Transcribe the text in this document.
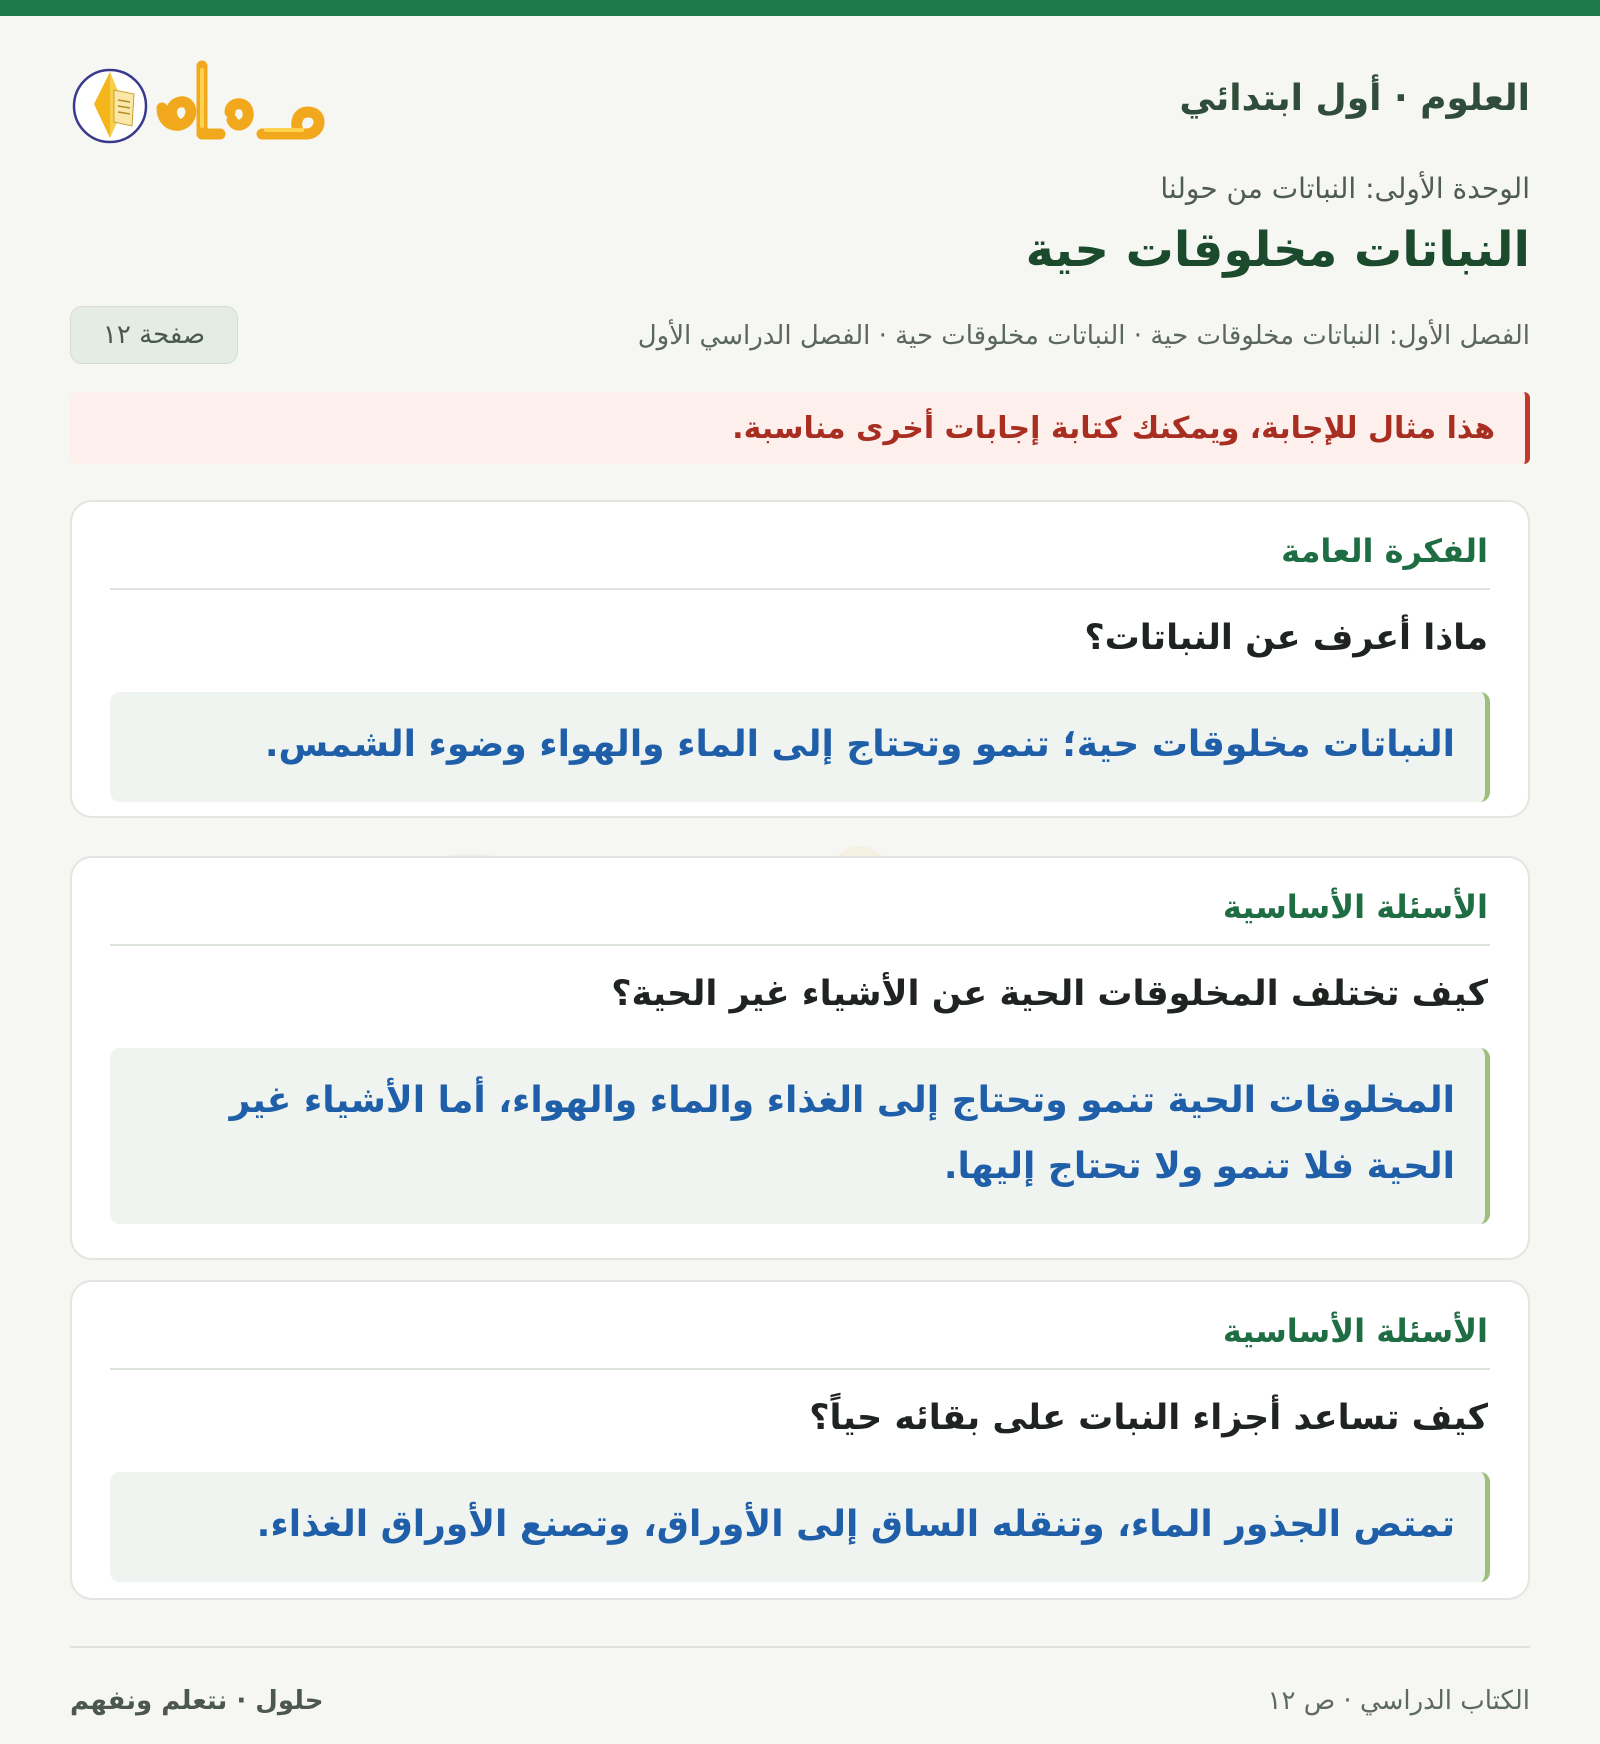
العلوم · أول ابتدائي

الوحدة الأولى: النباتات من حولنا

النباتات مخلوقات حية
الفصل الأول: النباتات مخلوقات حية · النباتات مخلوقات حية · الفصل الدراسي الأول
صفحة ١٢
هذا مثال للإجابة، ويمكنك كتابة إجابات أخرى مناسبة.
الفكرة العامة
ماذا أعرف عن النباتات؟
النباتات مخلوقات حية؛ تنمو وتحتاج إلى الماء والهواء وضوء الشمس.
الأسئلة الأساسية
كيف تختلف المخلوقات الحية عن الأشياء غير الحية؟
المخلوقات الحية تنمو وتحتاج إلى الغذاء والماء والهواء، أما الأشياء غير الحية فلا تنمو ولا تحتاج إليها.
الأسئلة الأساسية
كيف تساعد أجزاء النبات على بقائه حياً؟
تمتص الجذور الماء، وتنقله الساق إلى الأوراق، وتصنع الأوراق الغذاء.
حلول · نتعلم ونفهم	الكتاب الدراسي · ص ١٢
